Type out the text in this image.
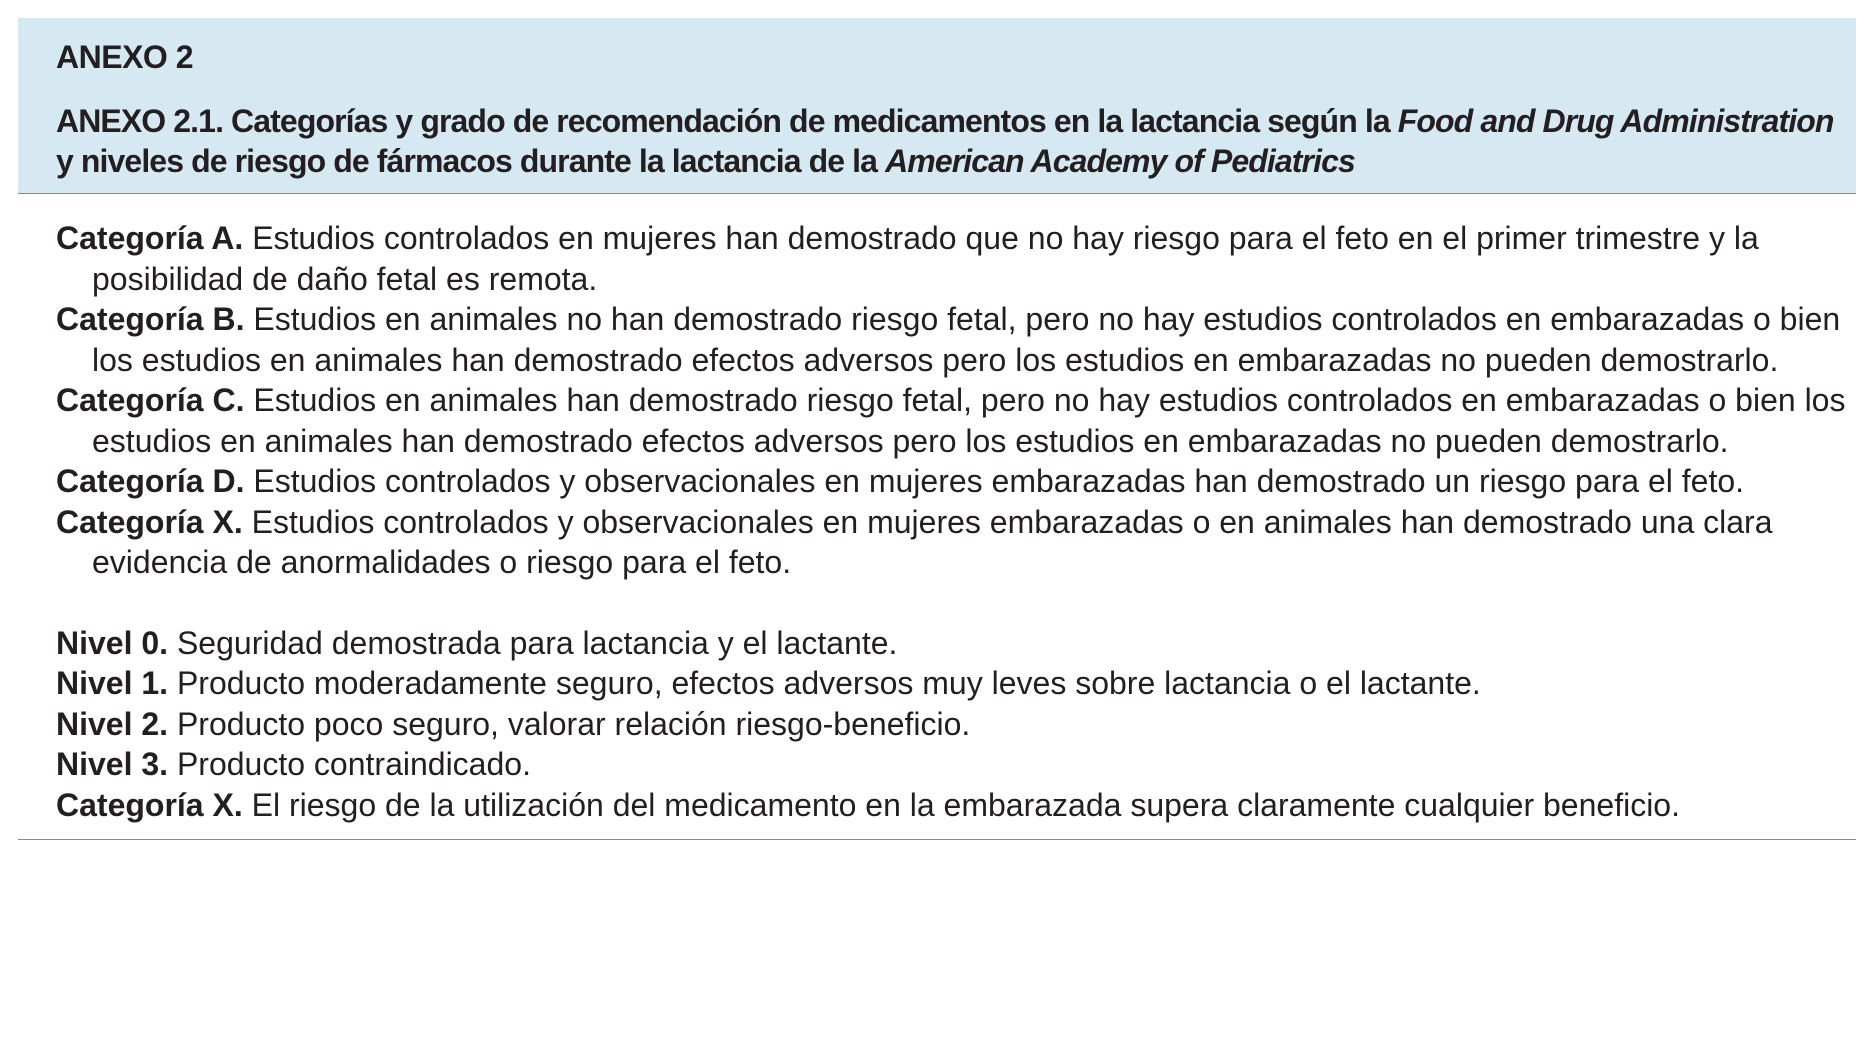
ANEXO 2

ANEXO 2.1. Categorías y grado de recomendación de medicamentos en la lactancia según la Food and Drug Administration
y niveles de riesgo de fármacos durante la lactancia de la American Academy of Pediatrics

Categoría A. Estudios controlados en mujeres han demostrado que no hay riesgo para el feto en el primer trimestre y la posibilidad de daño fetal es remota.

Categoría B. Estudios en animales no han demostrado riesgo fetal, pero no hay estudios controlados en embarazadas o bien los estudios en animales han demostrado efectos adversos pero los estudios en embarazadas no pueden demostrarlo.

Categoría C. Estudios en animales han demostrado riesgo fetal, pero no hay estudios controlados en embarazadas o bien los estudios en animales han demostrado efectos adversos pero los estudios en embarazadas no pueden demostrarlo.

Categoría D. Estudios controlados y observacionales en mujeres embarazadas han demostrado un riesgo para el feto.

Categoría X. Estudios controlados y observacionales en mujeres embarazadas o en animales han demostrado una clara evidencia de anormalidades o riesgo para el feto.

Nivel 0. Seguridad demostrada para lactancia y el lactante.

Nivel 1. Producto moderadamente seguro, efectos adversos muy leves sobre lactancia o el lactante.

Nivel 2. Producto poco seguro, valorar relación riesgo-beneficio.

Nivel 3. Producto contraindicado.

Categoría X. El riesgo de la utilización del medicamento en la embarazada supera claramente cualquier beneficio.
